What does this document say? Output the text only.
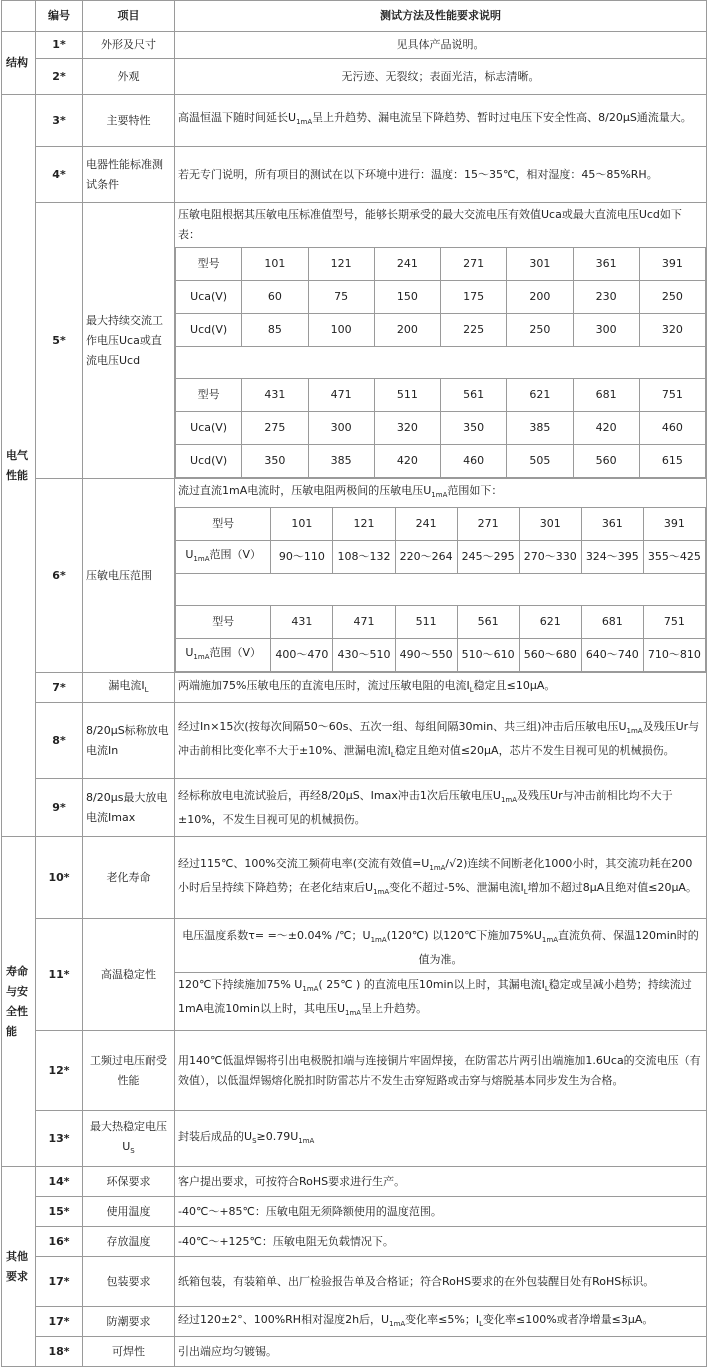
	编号	项目	测试方法及性能要求说明
结构	1*	外形及尺寸	见具体产品说明。
2*	外观	无污迹、无裂纹；表面光洁，标志清晰。
电气性能	3*	主要特性	高温恒温下随时间延长$U_{1mA}$呈上升趋势、漏电流呈下降趋势、暂时过电压下安全性高、8/20μS通流量大。
4*	电器性能标准测试条件	若无专门说明，所有项目的测试在以下环境中进行：温度：15～35℃，相对湿度：45～85%RH。
5*	最大持续交流工作电压Uca或直流电压Ucd	
压敏电阻根据其压敏电压标准值型号，能够长期承受的最大交流电压有效值Uca或最大直流电压Ucd如下表：
型号	101	121	241	271	301	361	391
Uca(V)	60	75	150	175	200	230	250
Ucd(V)	85	100	200	225	250	300	320
型号	431	471	511	561	621	681	751
Uca(V)	275	300	320	350	385	420	460
Ucd(V)	350	385	420	460	505	560	615

6*	压敏电压范围	
流过直流1mA电流时，压敏电阻两极间的压敏电压$U_{1mA}$范围如下：
型号	101	121	241	271	301	361	391
$U_{1mA}$范围（V）	90～110	108～132	220～264	245～295	270～330	324～395	355～425
型号	431	471	511	561	621	681	751
$U_{1mA}$范围（V）	400～470	430～510	490～550	510～610	560～680	640～740	710～810

7*	漏电流$I_L$	两端施加75%压敏电压的直流电压时，流过压敏电阻的电流$I_L$稳定且≤10μA。
8*	8/20μS标称放电电流In	经过In×15次(按每次间隔50～60s、五次一组、每组间隔30min、共三组)冲击后压敏电压$U_{1mA}$及残压Ur与冲击前相比变化率不大于±10%、泄漏电流$I_L$稳定且绝对值≤20μA，芯片不发生目视可见的机械损伤。
9*	8/20μs最大放电电流Imax	经标称放电电流试验后，再经8/20μS、Imax冲击1次后压敏电压$U_{1mA}$及残压Ur与冲击前相比均不大于±10%，不发生目视可见的机械损伤。
寿命与安全性能	10*	老化寿命	经过115℃、100%交流工频荷电率(交流有效值$=U_{1mA}/√2$)连续不间断老化1000小时，其交流功耗在200小时后呈持续下降趋势；在老化结束后$U_{1mA}$变化不超过-5%、泄漏电流$I_L$增加不超过8μA且绝对值≤20μA。
11*	高温稳定性	
电压温度系数τ= =～±0.04% /℃；$U_{1mA}(120℃)$ 以120℃下施加$75\%U_{1mA}$直流负荷、保温120min时的值为准。
120℃下持续施加75% $U_{1mA}$( 25℃ ) 的直流电压10min以上时，其漏电流$I_L$稳定或呈减小趋势；持续流过1mA电流10min以上时，其电压$U_{1mA}$呈上升趋势。

12*	工频过电压耐受性能	用140℃低温焊锡将引出电极脱扣端与连接铜片牢固焊接，在防雷芯片两引出端施加1.6Uca的交流电压（有效值），以低温焊锡熔化脱扣时防雷芯片不发生击穿短路或击穿与熔脱基本同步发生为合格。
13*	最大热稳定电压$U_S$	封装后成品的$U_S\ge 0.79U_{1mA}$
其他要求	14*	环保要求	客户提出要求，可按符合RoHS要求进行生产。
15*	使用温度	-40℃～+85℃：压敏电阻无须降额使用的温度范围。
16*	存放温度	-40℃～+125℃：压敏电阻无负载情况下。
17*	包装要求	纸箱包装，有装箱单、出厂检验报告单及合格证；符合RoHS要求的在外包装醒目处有RoHS标识。
17*	防潮要求	经过120±2°、100%RH相对湿度2h后，$U_{1mA}$变化率≤5%；$I_L$变化率≤100%或者净增量≤3μA。
18*	可焊性	引出端应均匀镀锡。
